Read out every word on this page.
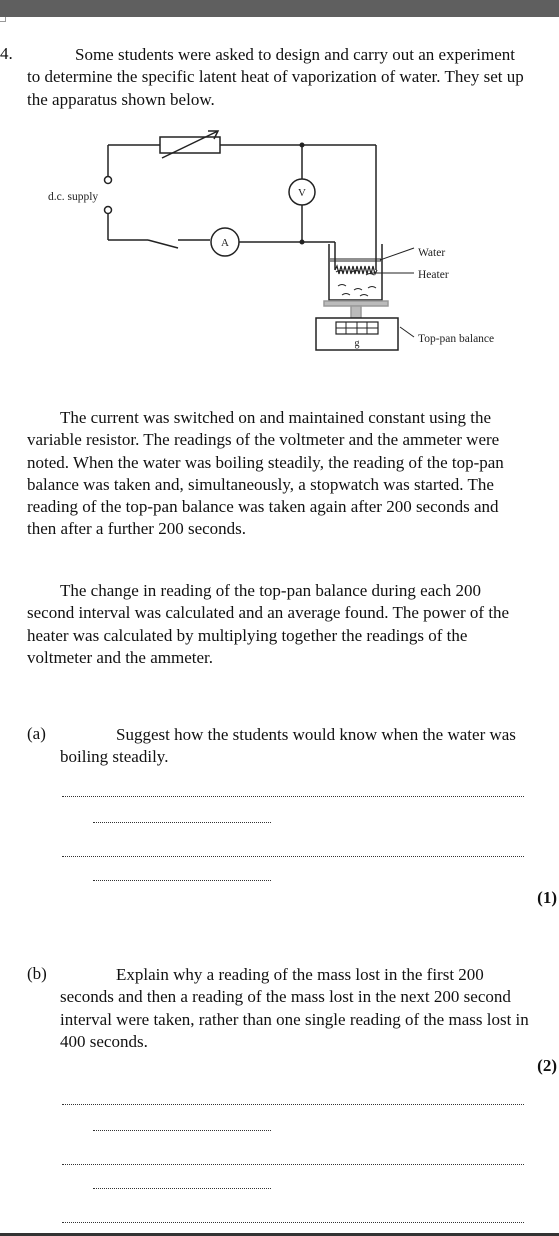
4.	Some students were asked to design and carry out an experiment to determine the specific latent heat of vaporization of water. They set up the apparatus shown below.

d.c. supply	V
A
Water
Heater
Top-pan balance
g

The current was switched on and maintained constant using the variable resistor. The readings of the voltmeter and the ammeter were noted. When the water was boiling steadily, the reading of the top-pan balance was taken and, simultaneously, a stopwatch was started. The reading of the top-pan balance was taken again after 200 seconds and then after a further 200 seconds.

The change in reading of the top-pan balance during each 200 second interval was calculated and an average found. The power of the heater was calculated by multiplying together the readings of the voltmeter and the ammeter.

(a)	Suggest how the students would know when the water was boiling steadily.

(1)
(b)	Explain why a reading of the mass lost in the first 200 seconds and then a reading of the mass lost in the next 200 second interval were taken, rather than one single reading of the mass lost in 400 seconds.

(2)
